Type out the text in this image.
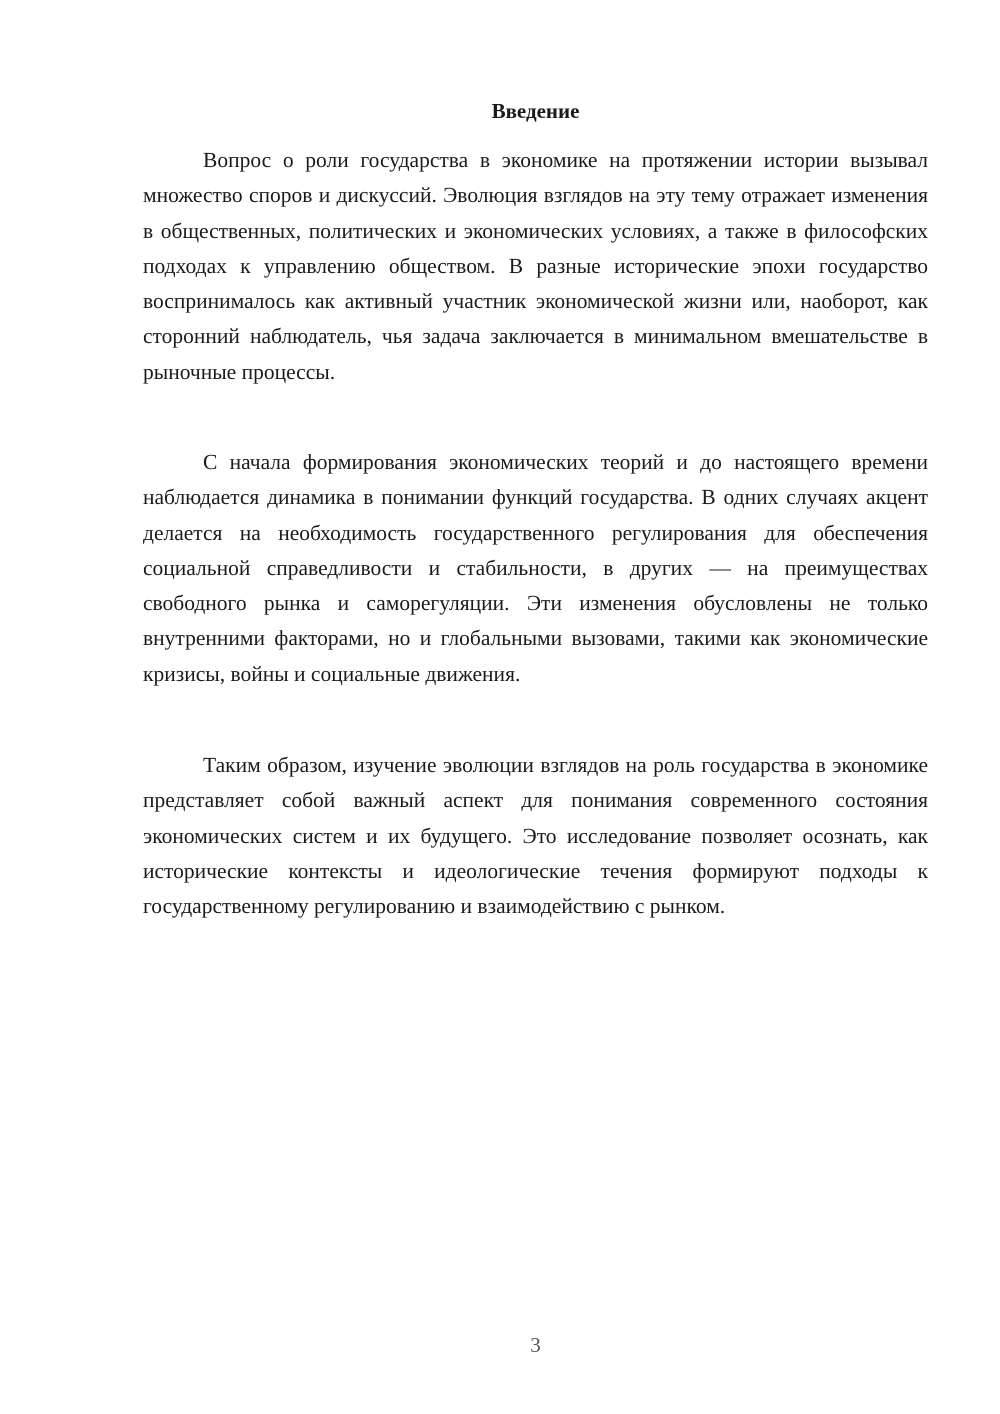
Введение

Вопрос о роли государства в экономике на протяжении истории вызывал множество споров и дискуссий. Эволюция взглядов на эту тему отражает изменения в общественных, политических и экономических условиях, а также в философских подходах к управлению обществом. В разные исторические эпохи государство воспринималось как активный участник экономической жизни или, наоборот, как сторонний наблюдатель, чья задача заключается в минимальном вмешательстве в рыночные процессы.

С начала формирования экономических теорий и до настоящего времени наблюдается динамика в понимании функций государства. В одних случаях акцент делается на необходимость государственного регулирования для обеспечения социальной справедливости и стабильности, в других — на преимуществах свободного рынка и саморегуляции. Эти изменения обусловлены не только внутренними факторами, но и глобальными вызовами, такими как экономические кризисы, войны и социальные движения.

Таким образом, изучение эволюции взглядов на роль государства в экономике представляет собой важный аспект для понимания современного состояния экономических систем и их будущего. Это исследование позволяет осознать, как исторические контексты и идеологические течения формируют подходы к государственному регулированию и взаимодействию с рынком.

3
